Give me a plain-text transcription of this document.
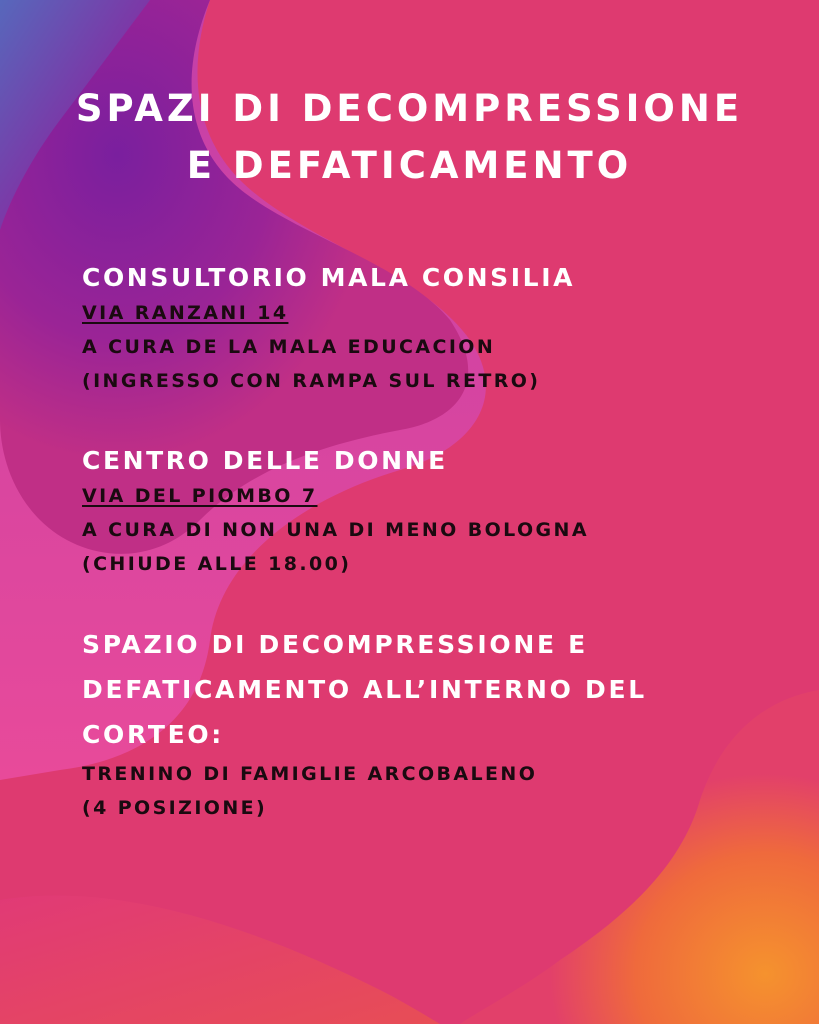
SPAZI DI DECOMPRESSIONE
E DEFATICAMENTO
CONSULTORIO MALA CONSILIA
VIA RANZANI 14
A CURA DE LA MALA EDUCACION
(INGRESSO CON RAMPA SUL RETRO)
CENTRO DELLE DONNE
VIA DEL PIOMBO 7
A CURA DI NON UNA DI MENO BOLOGNA
(CHIUDE ALLE 18.00)
SPAZIO DI DECOMPRESSIONE E
DEFATICAMENTO ALL’INTERNO DEL
CORTEO:
TRENINO DI FAMIGLIE ARCOBALENO
(4 POSIZIONE)
